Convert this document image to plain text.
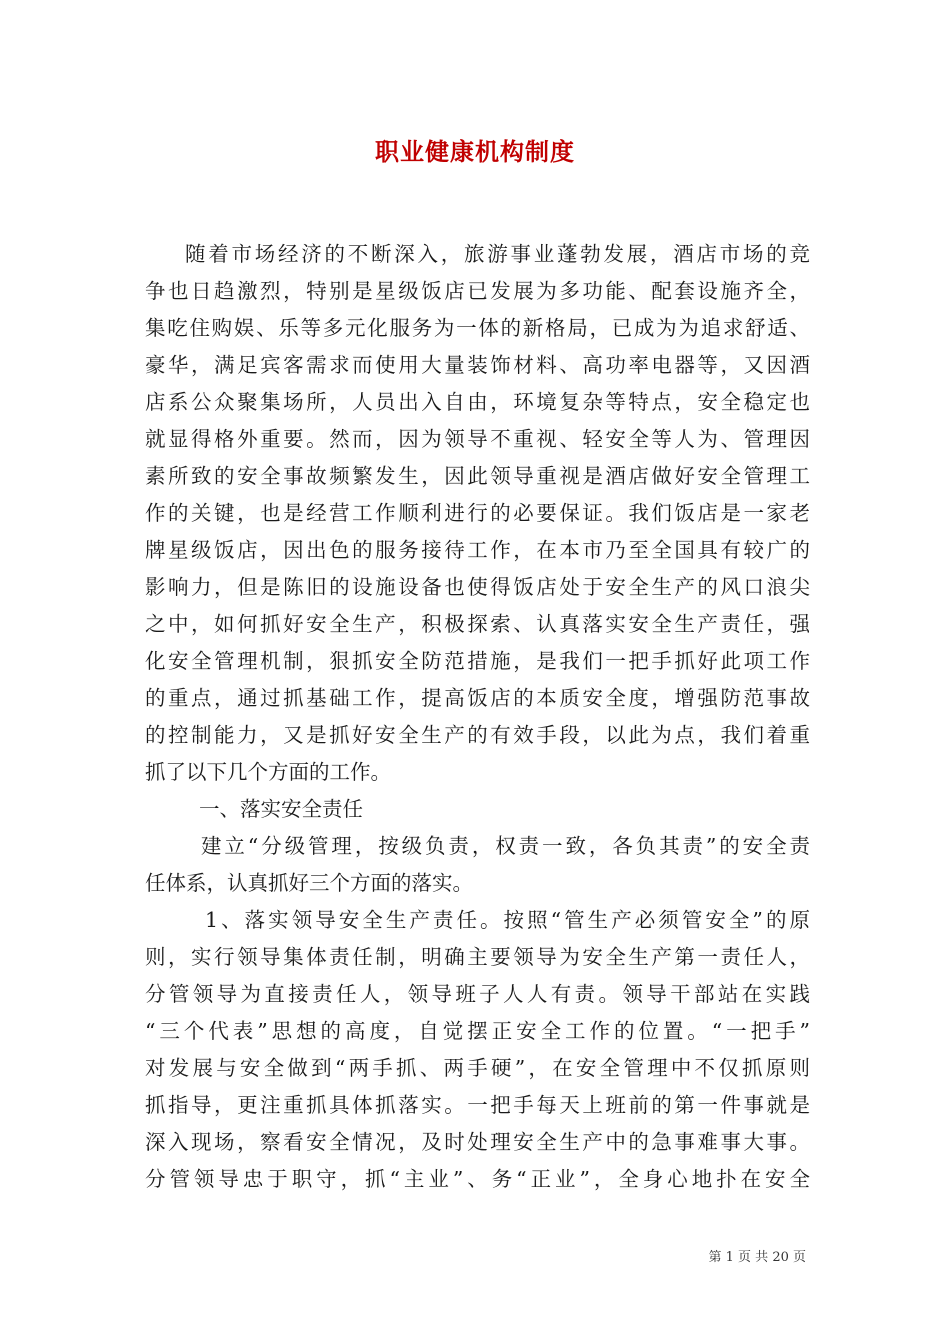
职业健康机构制度
随着市场经济的不断深入，旅游事业蓬勃发展，酒店市场的竞
争也日趋激烈，特别是星级饭店已发展为多功能、配套设施齐全，
集吃住购娱、乐等多元化服务为一体的新格局，已成为为追求舒适、
豪华，满足宾客需求而使用大量装饰材料、高功率电器等，又因酒
店系公众聚集场所，人员出入自由，环境复杂等特点，安全稳定也
就显得格外重要。然而，因为领导不重视、轻安全等人为、管理因
素所致的安全事故频繁发生，因此领导重视是酒店做好安全管理工
作的关键，也是经营工作顺利进行的必要保证。我们饭店是一家老
牌星级饭店，因出色的服务接待工作，在本市乃至全国具有较广的
影响力，但是陈旧的设施设备也使得饭店处于安全生产的风口浪尖
之中，如何抓好安全生产，积极探索、认真落实安全生产责任，强
化安全管理机制，狠抓安全防范措施，是我们一把手抓好此项工作
的重点，通过抓基础工作，提高饭店的本质安全度，增强防范事故
的控制能力，又是抓好安全生产的有效手段，以此为点，我们着重
抓了以下几个方面的工作。
一、落实安全责任
建立“分级管理，按级负责，权责一致，各负其责”的安全责
任体系，认真抓好三个方面的落实。
1、落实领导安全生产责任。按照“管生产必须管安全”的原
则，实行领导集体责任制，明确主要领导为安全生产第一责任人，
分管领导为直接责任人，领导班子人人有责。领导干部站在实践
“三个代表”思想的高度，自觉摆正安全工作的位置。“一把手”
对发展与安全做到“两手抓、两手硬”，在安全管理中不仅抓原则
抓指导，更注重抓具体抓落实。一把手每天上班前的第一件事就是
深入现场，察看安全情况，及时处理安全生产中的急事难事大事。
分管领导忠于职守，抓“主业”、务“正业”，全身心地扑在安全
第 1 页 共 20 页
